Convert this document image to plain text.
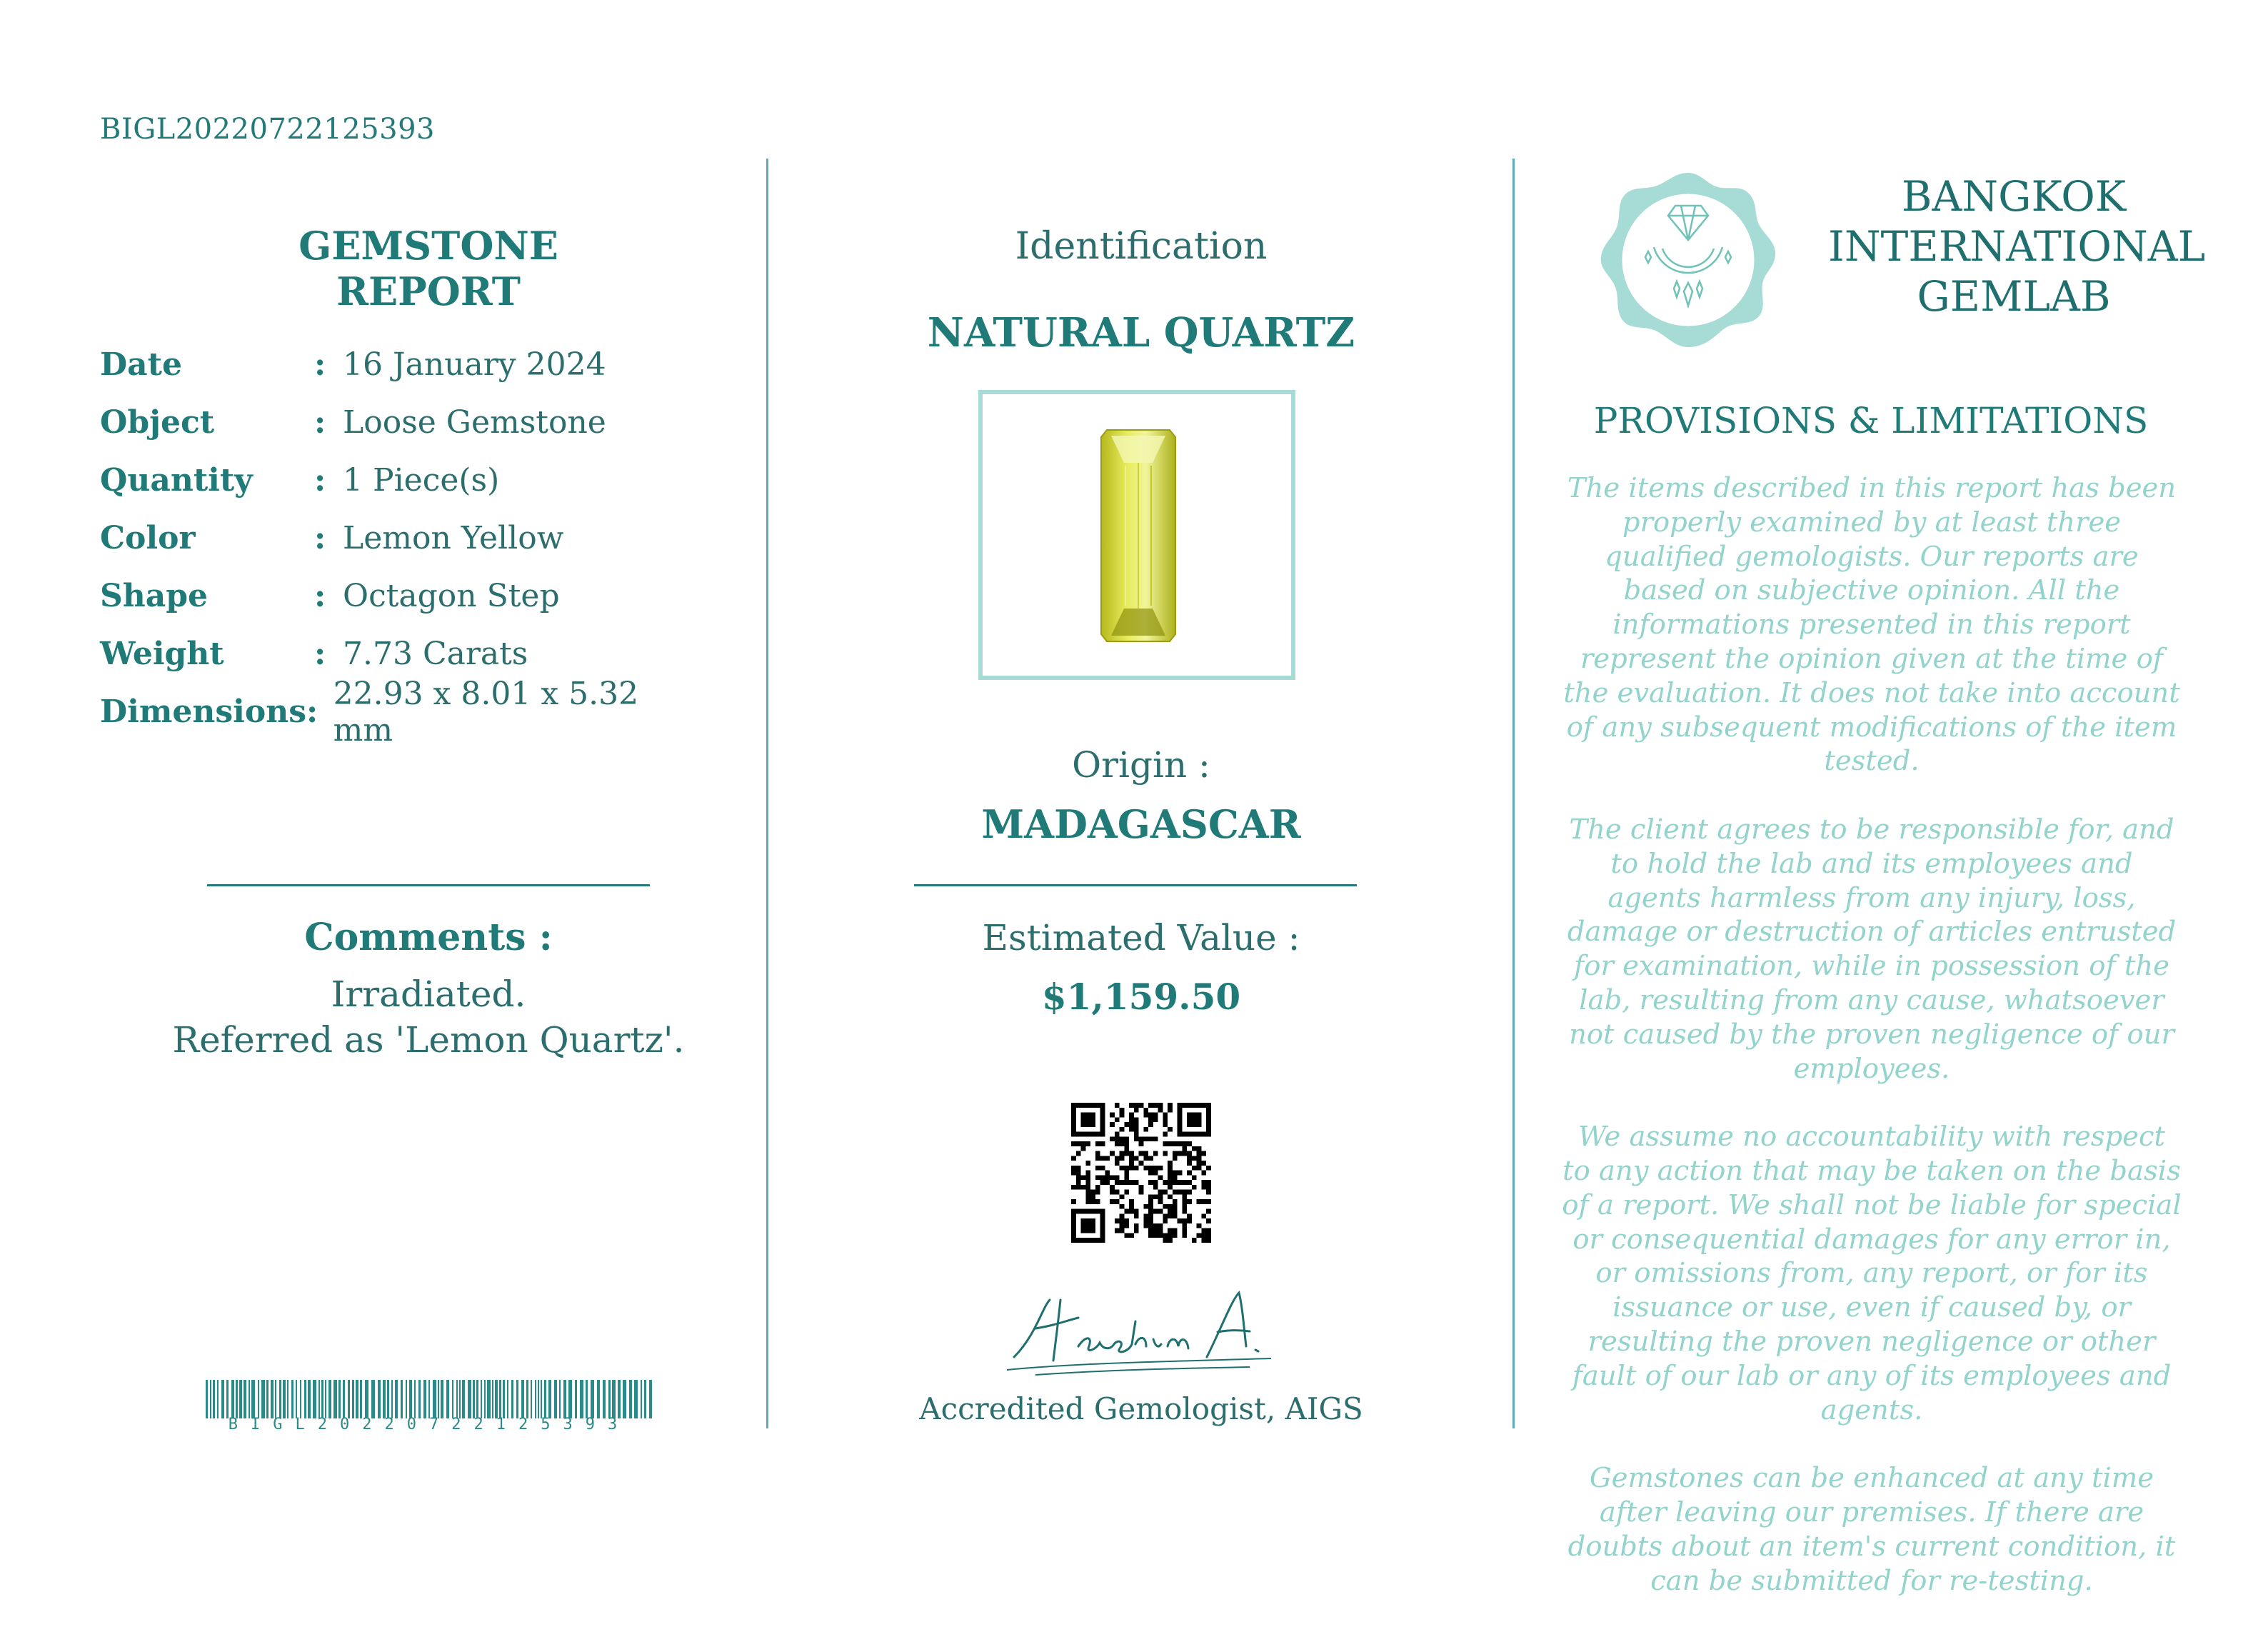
BIGL20220722125393
GEMSTONE REPORT
Date	: 16 January 2024
Object	: Loose Gemstone
Quantity	: 1 Piece(s)
Color	: Lemon Yellow
Shape	: Octagon Step
Weight	: 7.73 Carats
Dimensions : 22.93 x 8.01 x 5.32 mm
Comments :
Irradiated.
Referred as 'Lemon Quartz'.
BIGL20220722125393
Identification
NATURAL QUARTZ
Origin :
MADAGASCAR
Estimated Value :
$1,159.50
Hashim A.
Accredited Gemologist, AIGS
BANGKOK
INTERNATIONAL
GEMLAB
PROVISIONS & LIMITATIONS

The items described in this report has been properly examined by at least three qualified gemologists. Our reports are based on subjective opinion. All the informations presented in this report represent the opinion given at the time of the evaluation. It does not take into account of any subsequent modifications of the item tested.

The client agrees to be responsible for, and to hold the lab and its employees and agents harmless from any injury, loss, damage or destruction of articles entrusted for examination, while in possession of the lab, resulting from any cause, whatsoever not caused by the proven negligence of our employees.

We assume no accountability with respect to any action that may be taken on the basis of a report. We shall not be liable for special or consequential damages for any error in, or omissions from, any report, or for its issuance or use, even if caused by, or resulting the proven negligence or other fault of our lab or any of its employees and agents.

Gemstones can be enhanced at any time after leaving our premises. If there are doubts about an item's current condition, it can be submitted for re-testing.
